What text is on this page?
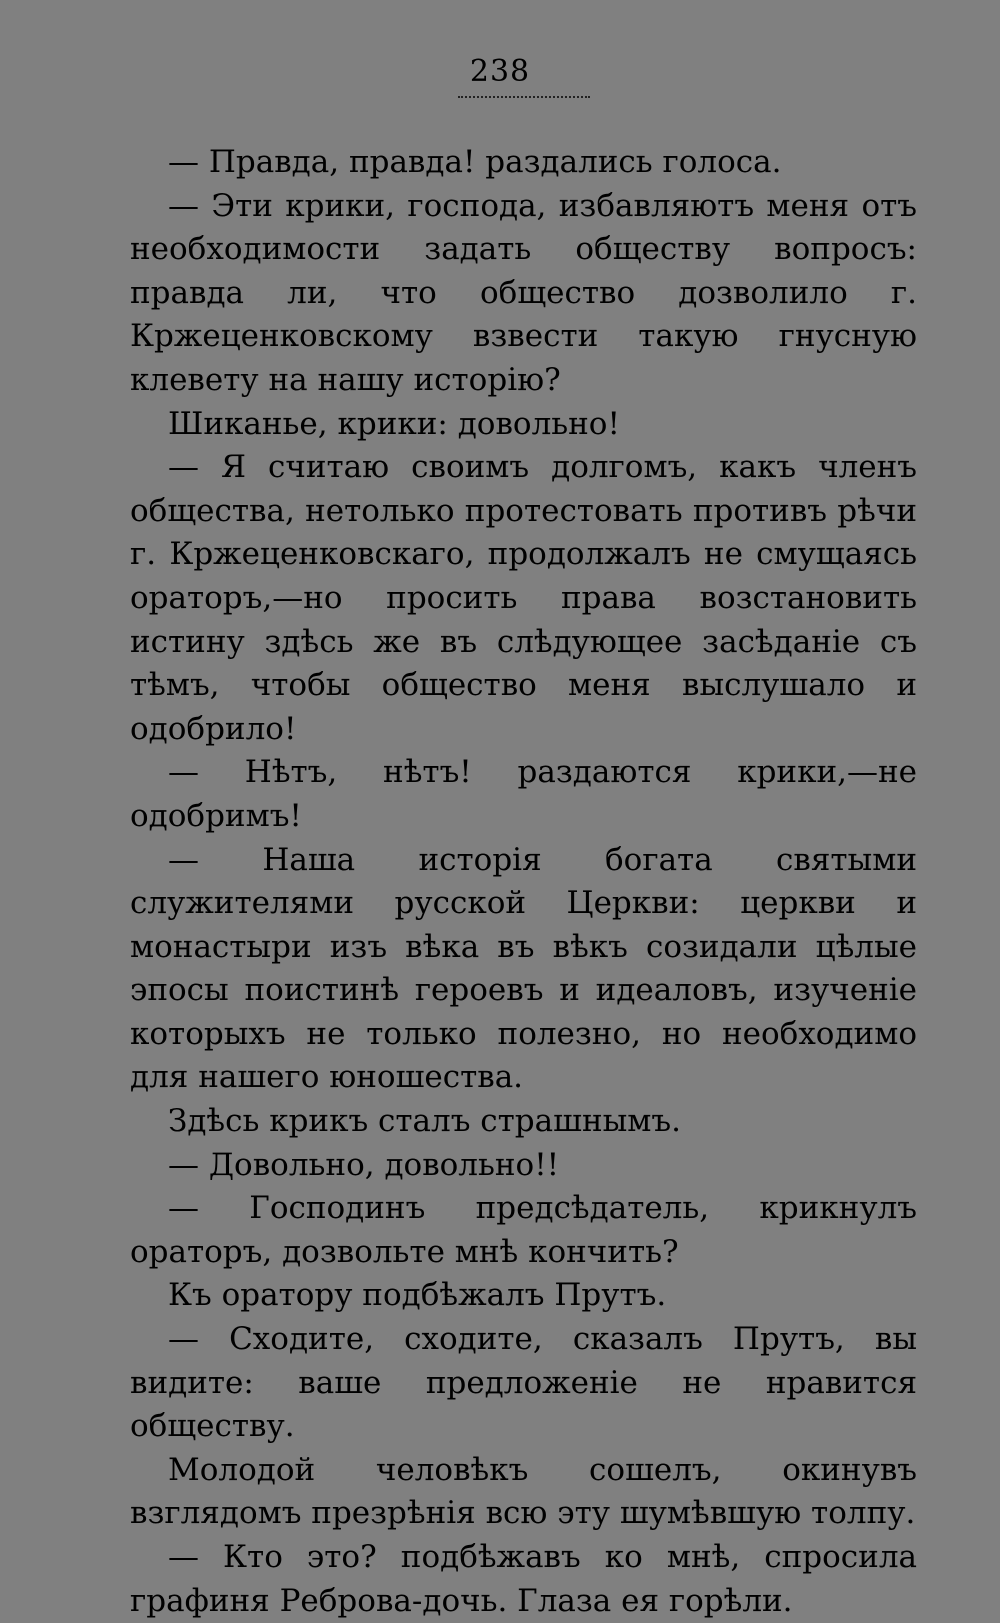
238

— Правда, правда! раздались голоса.

— Эти крики, господа, избавляютъ меня отъ необходимости задать обществу вопросъ: правда ли, что общество дозволило г. Кржеценковскому взвести такую гнусную клевету на нашу исторію?

Шиканье, крики: довольно!

— Я считаю своимъ долгомъ, какъ членъ общества, нетолько протестовать противъ рѣчи г. Кржеценковскаго, продолжалъ не смущаясь ораторъ,—но просить права возстановить истину здѣсь же въ слѣдующее засѣданіе съ тѣмъ, чтобы общество меня выслушало и одобрило!

— Нѣтъ, нѣтъ! раздаются крики,—не одобримъ!

— Наша исторія богата святыми служителями русской Церкви: церкви и монастыри изъ вѣка въ вѣкъ созидали цѣлые эпосы поистинѣ героевъ и идеаловъ, изученіе которыхъ не только полезно, но необходимо для нашего юношества.

Здѣсь крикъ сталъ страшнымъ.

— Довольно, довольно!!

— Господинъ предсѣдатель, крикнулъ ораторъ, дозвольте мнѣ кончить?

Къ оратору подбѣжалъ Прутъ.

— Сходите, сходите, сказалъ Прутъ, вы видите: ваше предложеніе не нравится обществу.

Молодой человѣкъ сошелъ, окинувъ взглядомъ презрѣнія всю эту шумѣвшую толпу.

— Кто это? подбѣжавъ ко мнѣ, спросила графиня Реброва-дочь. Глаза ея горѣли.
